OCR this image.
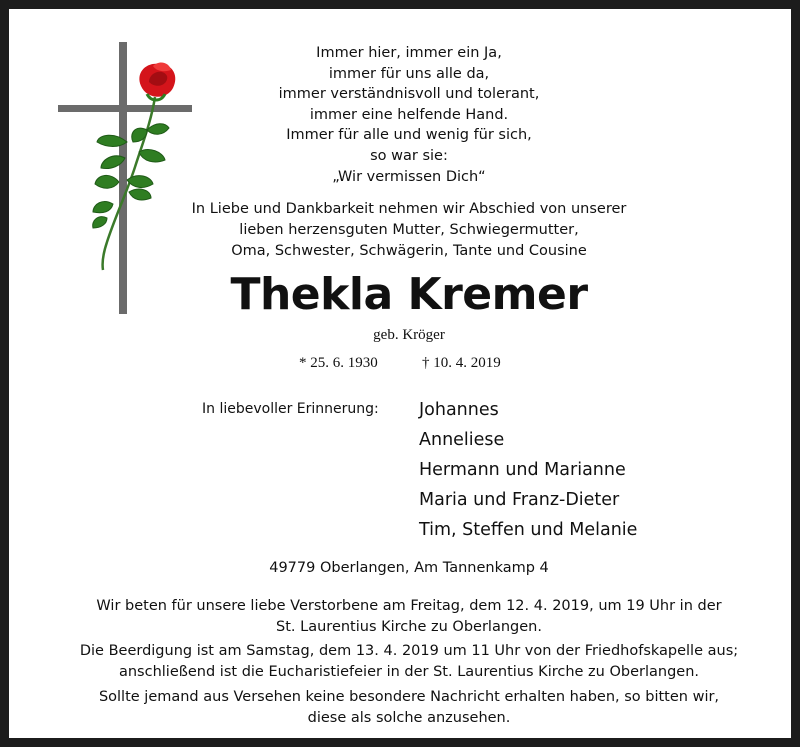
Immer hier, immer ein Ja,
immer für uns alle da,
immer verständnisvoll und tolerant,
immer eine helfende Hand.
Immer für alle und wenig für sich,
so war sie:
„Wir vermissen Dich“
In Liebe und Dankbarkeit nehmen wir Abschied von unserer
lieben herzensguten Mutter, Schwiegermutter,
Oma, Schwester, Schwägerin, Tante und Cousine
Thekla Kremer
geb. Kröger
* 25. 6. 1930	† 10. 4. 2019
In liebevoller Erinnerung: Johannes
Anneliese
Hermann und Marianne
Maria und Franz-Dieter
Tim, Steffen und Melanie
49779 Oberlangen, Am Tannenkamp 4
Wir beten für unsere liebe Verstorbene am Freitag, dem 12. 4. 2019, um 19 Uhr in der
St. Laurentius Kirche zu Oberlangen.
Die Beerdigung ist am Samstag, dem 13. 4. 2019 um 11 Uhr von der Friedhofskapelle aus;
anschließend ist die Eucharistiefeier in der St. Laurentius Kirche zu Oberlangen.
Sollte jemand aus Versehen keine besondere Nachricht erhalten haben, so bitten wir,
diese als solche anzusehen.
